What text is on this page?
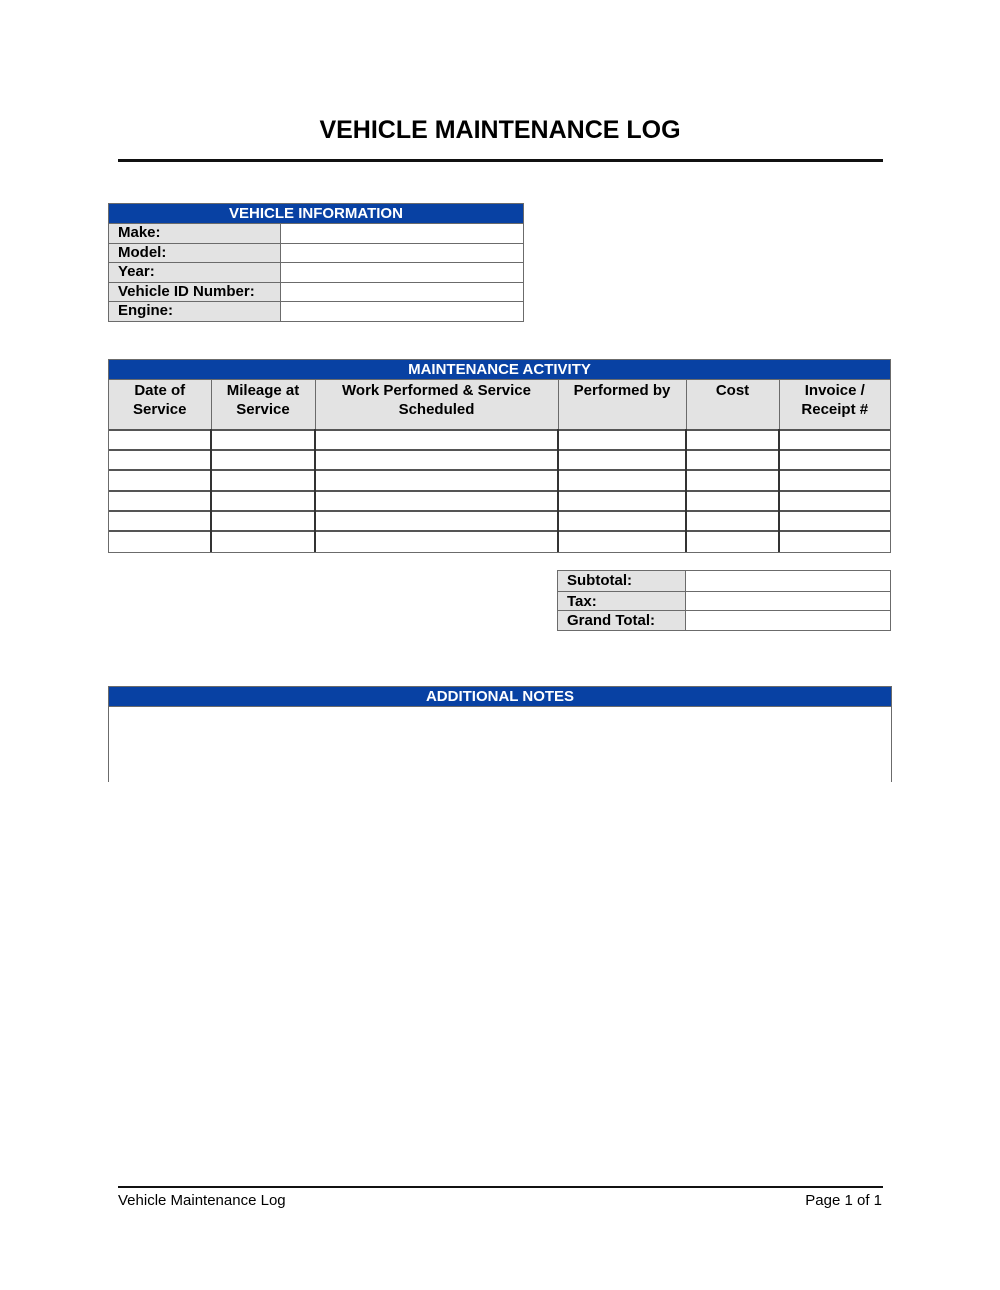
VEHICLE MAINTENANCE LOG
VEHICLE INFORMATION
Make:
Model:
Year:
Vehicle ID Number:
Engine:
MAINTENANCE ACTIVITY
Date of Service	Mileage at Service	Work Performed & Service Scheduled	Performed by	Cost	Invoice / Receipt #

Subtotal:
Tax:
Grand Total:
ADDITIONAL NOTES
Vehicle Maintenance Log	Page 1 of 1
